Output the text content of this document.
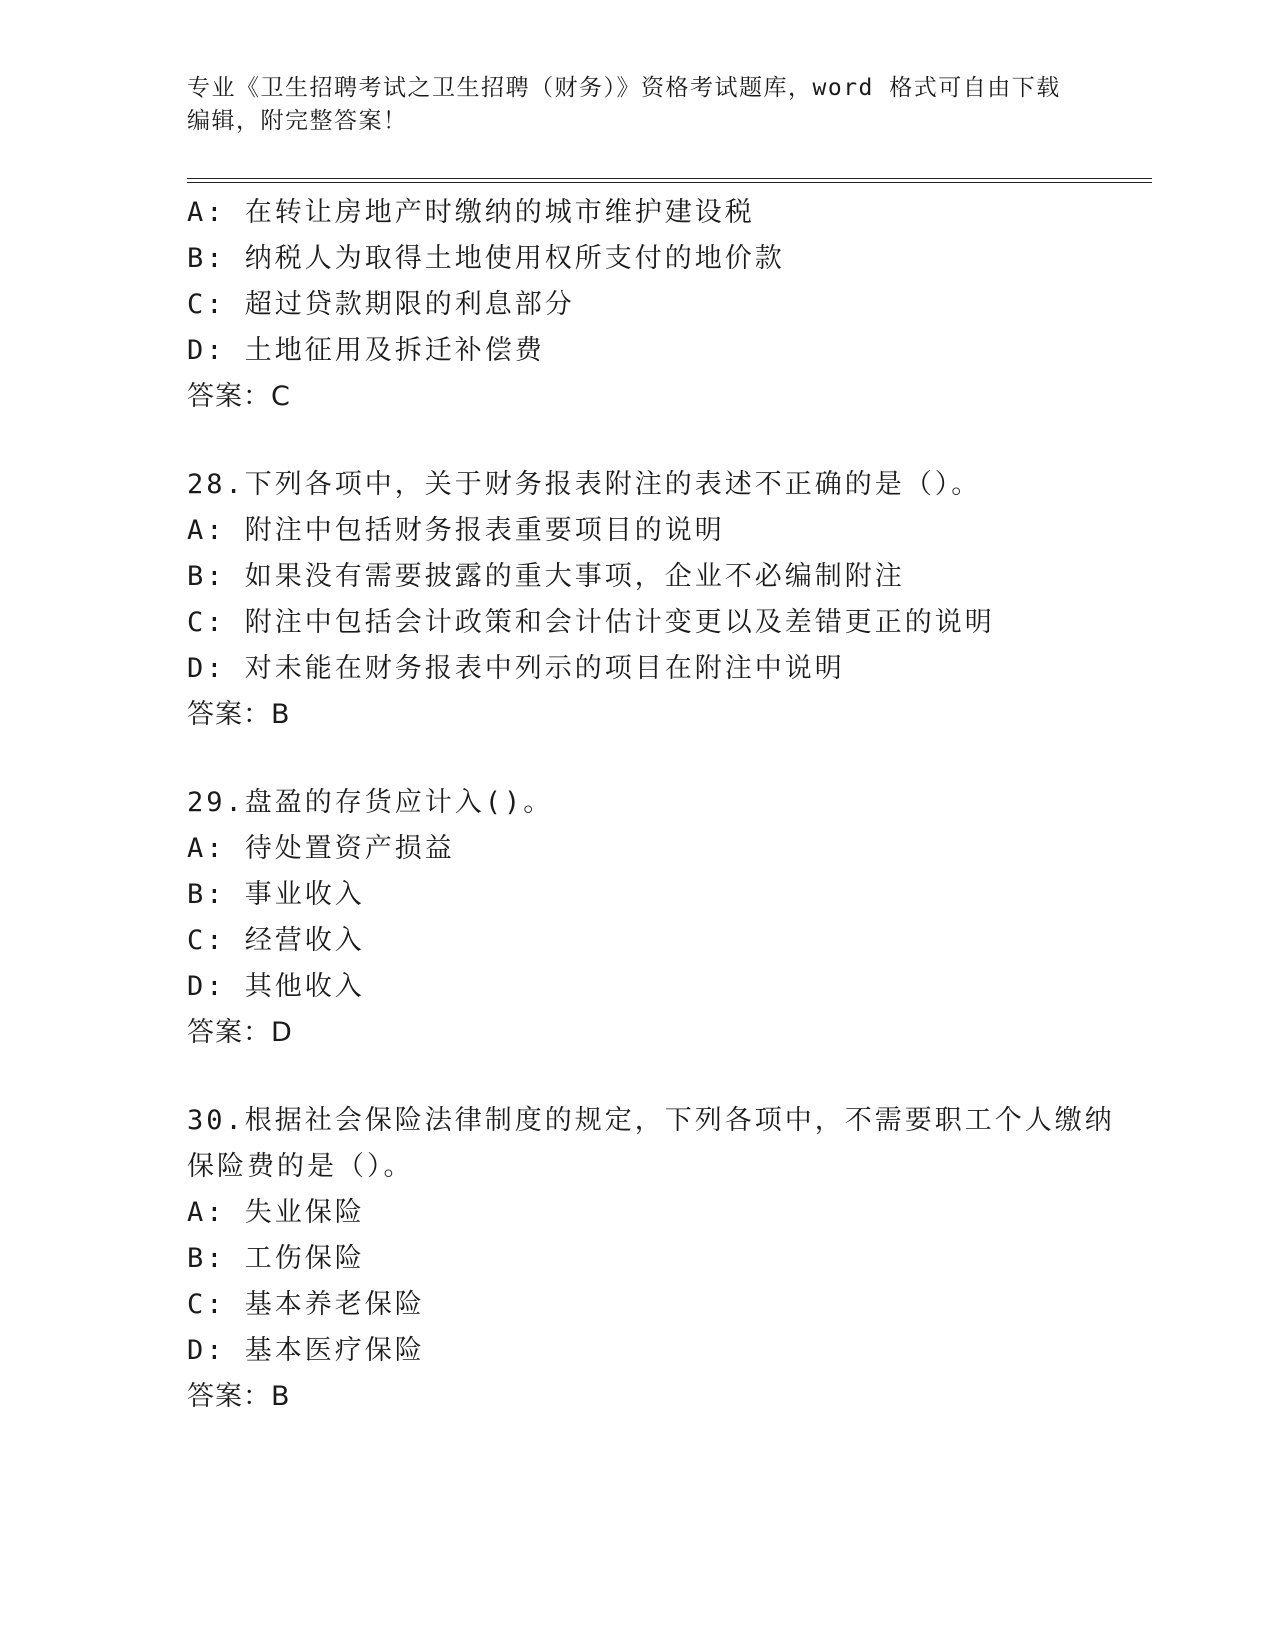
专业《卫生招聘考试之卫生招聘（财务）》资格考试题库，word 格式可自由下载
编辑，附完整答案！
A: 在转让房地产时缴纳的城市维护建设税
B: 纳税人为取得土地使用权所支付的地价款
C: 超过贷款期限的利息部分
D: 土地征用及拆迁补偿费
答案：C
28.下列各项中，关于财务报表附注的表述不正确的是（）。
A: 附注中包括财务报表重要项目的说明
B: 如果没有需要披露的重大事项，企业不必编制附注
C: 附注中包括会计政策和会计估计变更以及差错更正的说明
D: 对未能在财务报表中列示的项目在附注中说明
答案：B
29.盘盈的存货应计入()。
A: 待处置资产损益
B: 事业收入
C: 经营收入
D: 其他收入
答案：D
30.根据社会保险法律制度的规定，下列各项中，不需要职工个人缴纳
保险费的是（）。
A: 失业保险
B: 工伤保险
C: 基本养老保险
D: 基本医疗保险
答案：B
